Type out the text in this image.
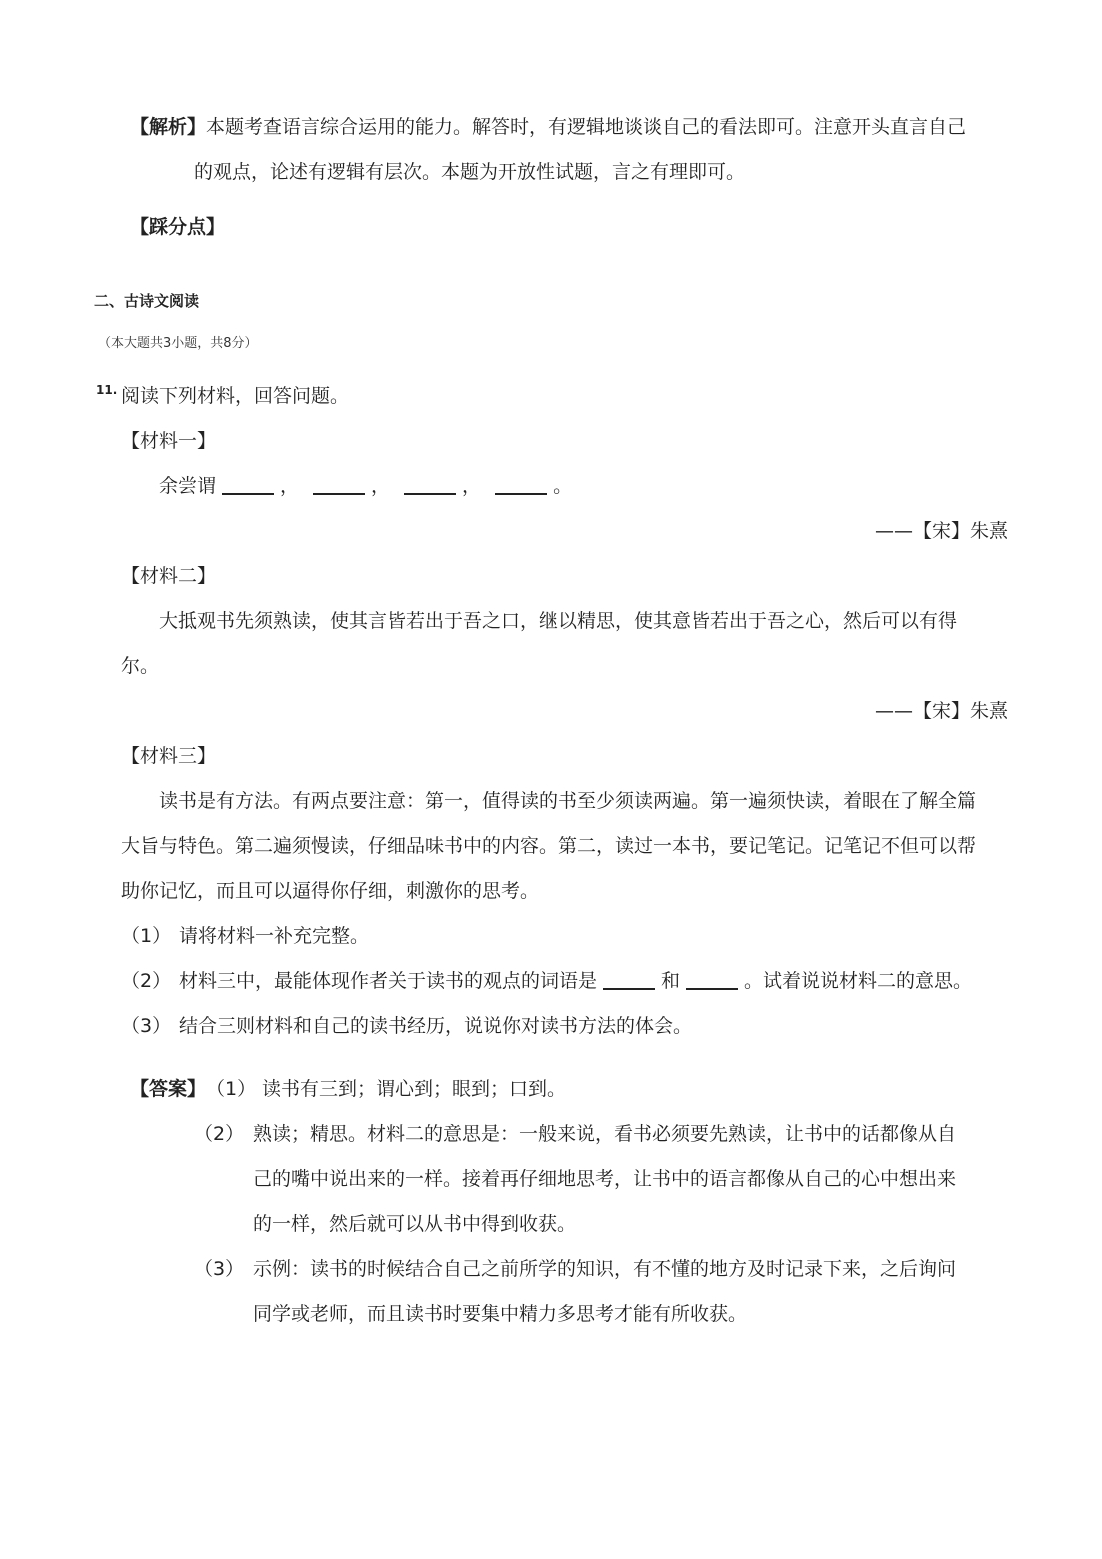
【解析】本题考查语言综合运用的能力。解答时，有逻辑地谈谈自己的看法即可。注意开头直言自己
的观点，论述有逻辑有层次。本题为开放性试题，言之有理即可。
【踩分点】
二、古诗文阅读
（本大题共3小题，共8分）
11. 阅读下列材料，回答问题。
【材料一】
余尝谓	，	，	，	。
——【宋】朱熹
【材料二】
大抵观书先须熟读，使其言皆若出于吾之口，继以精思，使其意皆若出于吾之心，然后可以有得
尔。
——【宋】朱熹
【材料三】
读书是有方法。有两点要注意：第一，值得读的书至少须读两遍。第一遍须快读，着眼在了解全篇
大旨与特色。第二遍须慢读，仔细品味书中的内容。第二，读过一本书，要记笔记。记笔记不但可以帮
助你记忆，而且可以逼得你仔细，刺激你的思考。
（1） 请将材料一补充完整。
（2） 材料三中，最能体现作者关于读书的观点的词语是	和	。试着说说材料二的意思。
（3） 结合三则材料和自己的读书经历，说说你对读书方法的体会。
【答案】 （1） 读书有三到；谓心到；眼到；口到。
（2） 熟读；精思。材料二的意思是：一般来说，看书必须要先熟读，让书中的话都像从自
己的嘴中说出来的一样。接着再仔细地思考，让书中的语言都像从自己的心中想出来
的一样，然后就可以从书中得到收获。
（3） 示例：读书的时候结合自己之前所学的知识，有不懂的地方及时记录下来，之后询问
同学或老师，而且读书时要集中精力多思考才能有所收获。
